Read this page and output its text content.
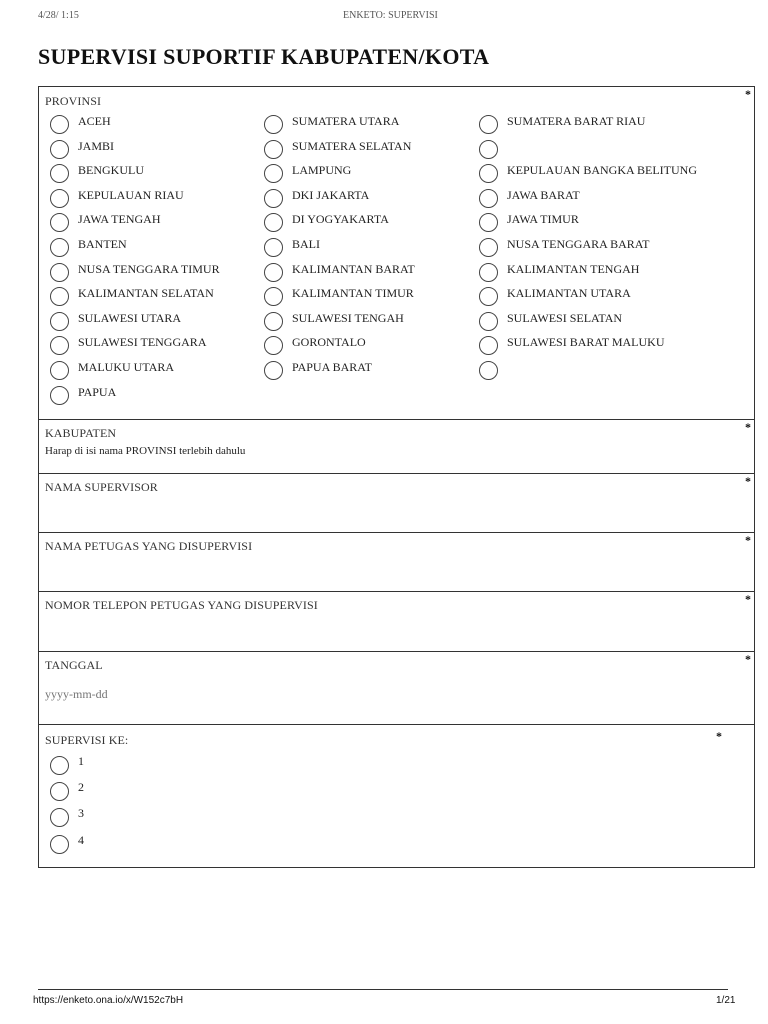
4/28/ 1:15	ENKETO: SUPERVISI
SUPERVISI SUPORTIF KABUPATEN/KOTA
*
PROVINSI
ACEH	SUMATERA UTARA	SUMATERA BARAT RIAU
JAMBI	SUMATERA SELATAN
BENGKULU	LAMPUNG	KEPULAUAN BANGKA BELITUNG
KEPULAUAN RIAU	DKI JAKARTA	JAWA BARAT
JAWA TENGAH	DI YOGYAKARTA	JAWA TIMUR
BANTEN	BALI	NUSA TENGGARA BARAT
NUSA TENGGARA TIMUR	KALIMANTAN BARAT	KALIMANTAN TENGAH
KALIMANTAN SELATAN	KALIMANTAN TIMUR	KALIMANTAN UTARA
SULAWESI UTARA	SULAWESI TENGAH	SULAWESI SELATAN
SULAWESI TENGGARA	GORONTALO	SULAWESI BARAT MALUKU
MALUKU UTARA	PAPUA BARAT
PAPUA
*
KABUPATEN
Harap di isi nama PROVINSI terlebih dahulu
*
NAMA SUPERVISOR
*
NAMA PETUGAS YANG DISUPERVISI
*
NOMOR TELEPON PETUGAS YANG DISUPERVISI
*
TANGGAL
yyyy-mm-dd
*
SUPERVISI KE:
1
2
3
4
https://enketo.ona.io/x/W152c7bH	1/21
